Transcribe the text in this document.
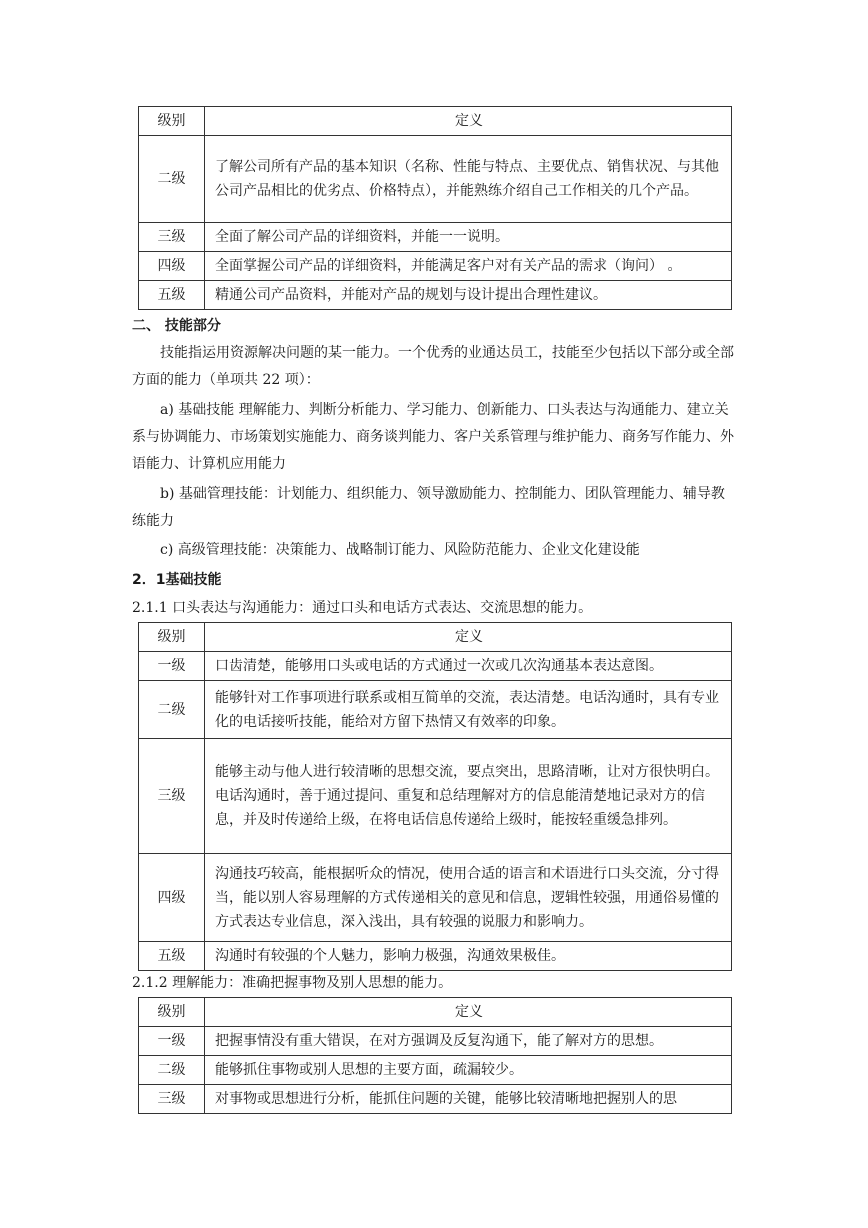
级别	定义
二级	了解公司所有产品的基本知识（名称、性能与特点、主要优点、销售状况、与其他公司产品相比的优劣点、价格特点），并能熟练介绍自己工作相关的几个产品。
三级	全面了解公司产品的详细资料，并能一一说明。
四级	全面掌握公司产品的详细资料，并能满足客户对有关产品的需求（询问） 。
五级	精通公司产品资料，并能对产品的规划与设计提出合理性建议。
二、 技能部分
技能指运用资源解决问题的某一能力。一个优秀的业通达员工，技能至少包括以下部分或全部方面的能力（单项共 22 项）：
a) 基础技能 理解能力、判断分析能力、学习能力、创新能力、口头表达与沟通能力、建立关系与协调能力、市场策划实施能力、商务谈判能力、客户关系管理与维护能力、商务写作能力、外语能力、计算机应用能力
b) 基础管理技能：计划能力、组织能力、领导激励能力、控制能力、团队管理能力、辅导教练能力
c) 高级管理技能：决策能力、战略制订能力、风险防范能力、企业文化建设能
2．1基础技能
2.1.1 口头表达与沟通能力：通过口头和电话方式表达、交流思想的能力。
级别	定义
一级	口齿清楚，能够用口头或电话的方式通过一次或几次沟通基本表达意图。
二级	能够针对工作事项进行联系或相互简单的交流，表达清楚。电话沟通时，具有专业化的电话接听技能，能给对方留下热情又有效率的印象。
三级	能够主动与他人进行较清晰的思想交流，要点突出，思路清晰，让对方很快明白。电话沟通时，善于通过提问、重复和总结理解对方的信息能清楚地记录对方的信息，并及时传递给上级，在将电话信息传递给上级时，能按轻重缓急排列。
四级	沟通技巧较高，能根据听众的情况，使用合适的语言和术语进行口头交流，分寸得当，能以别人容易理解的方式传递相关的意见和信息，逻辑性较强，用通俗易懂的方式表达专业信息，深入浅出，具有较强的说服力和影响力。
五级	沟通时有较强的个人魅力，影响力极强，沟通效果极佳。
2.1.2 理解能力：准确把握事物及别人思想的能力。
级别	定义
一级	把握事情没有重大错误，在对方强调及反复沟通下，能了解对方的思想。
二级	能够抓住事物或别人思想的主要方面，疏漏较少。
三级	对事物或思想进行分析，能抓住问题的关键，能够比较清晰地把握别人的思
